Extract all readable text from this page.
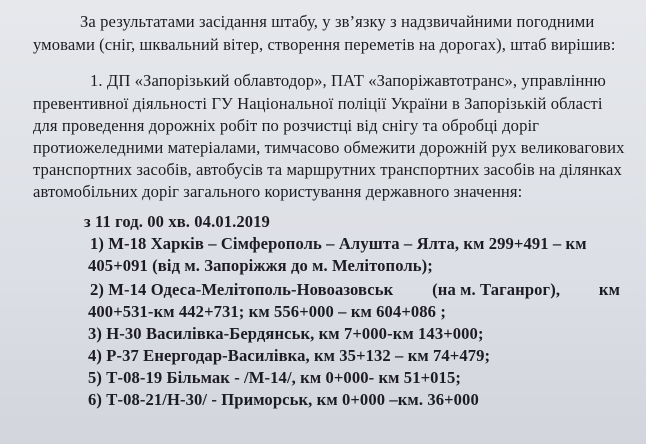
За результатами засідання штабу, у зв’язку з надзвичайними погодними
умовами (сніг, шквальний вітер, створення переметів на дорогах), штаб вирішив:
1. ДП «Запорізький облавтодор», ПАТ «Запоріжавтотранс», управлінню
превентивної діяльності ГУ Національної поліції України в Запорізькій області
для проведення дорожніх робіт по розчистці від снігу та обробці доріг
протиожеледними матеріалами, тимчасово обмежити дорожній рух великовагових
транспортних засобів, автобусів та маршрутних транспортних засобів на ділянках
автомобільних доріг загального користування державного значення:
з 11 год. 00 хв. 04.01.2019
1) М-18 Харків – Сімферополь – Алушта – Ялта, км 299+491 – км
405+091 (від м. Запоріжжя до м. Мелітополь);
2) М-14 Одеса-Мелітополь-Новоазовськ (на м. Таганрог), км
400+531-км 442+731; км 556+000 – км 604+086 ;
3) Н-30 Василівка-Бердянськ, км 7+000-км 143+000;
4) Р-37 Енергодар-Василівка, км 35+132 – км 74+479;
5) Т-08-19 Більмак - /М-14/, км 0+000- км 51+015;
6) Т-08-21/Н-30/ - Приморськ, км 0+000 –км. 36+000
